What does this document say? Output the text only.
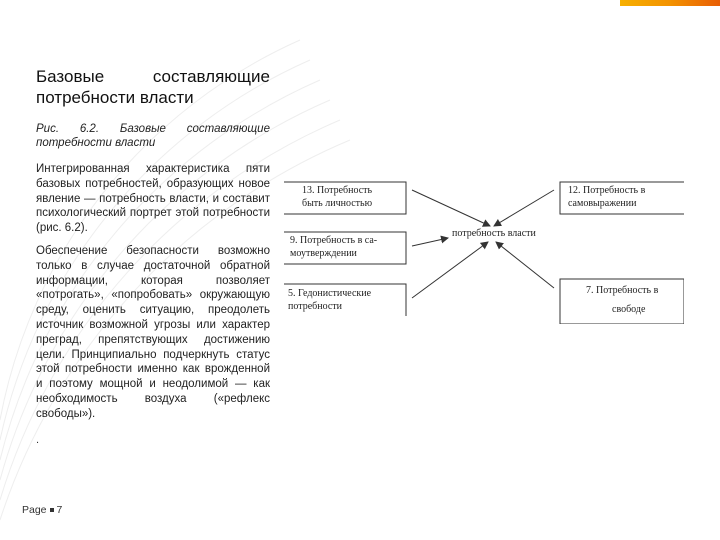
Базовые	составляющие
потребности власти
Рис. 6.2. Базовые составляющие
потребности власти

Интегрированная характеристика пяти базовых потребностей, образующих новое явление — потребность власти, и составит психологический портрет этой потребности (рис. 6.2).

Обеспечение безопасности возможно только в случае достаточной обратной информации, которая позволяет «потрогать», «попробовать» окружающую среду, оценить ситуацию, преодолеть источник возможной угрозы или характер преград, препятствующих достижению цели. Принципиально подчеркнуть статус этой потребности именно как врожденной и поэтому мощной и неодолимой — как необходимость воздуха («рефлекс свободы»).

.
Page 7
13. Потребность
быть личностью
12. Потребность в
самовыражении
9. Потребность в са-
моутверждении
5. Гедонистические
потребности
7. Потребность в
свободе
потребность власти
